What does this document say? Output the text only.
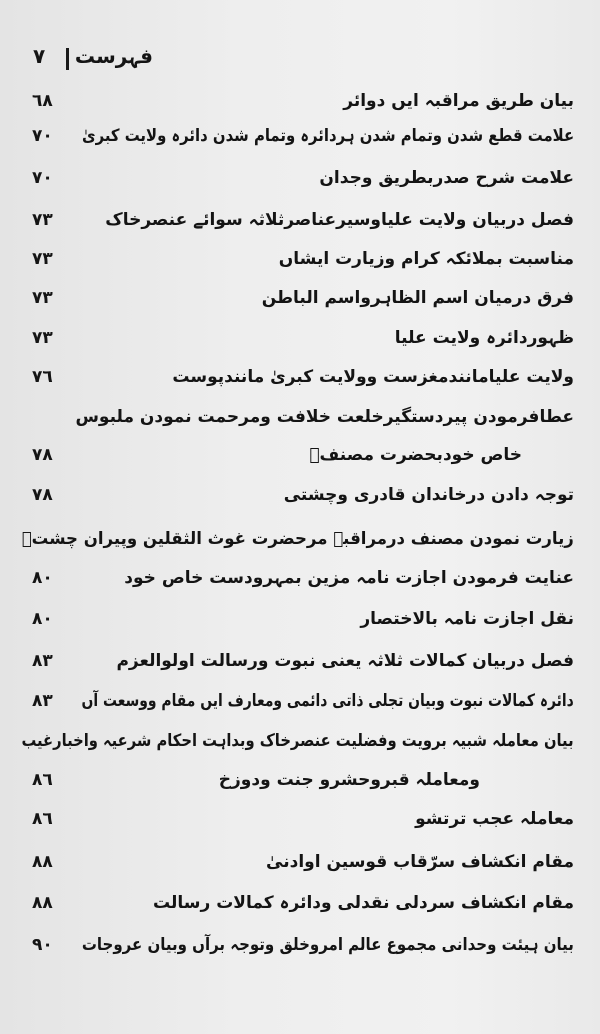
فہرست
٧
بیان طریق مراقبہ ایں دوائر
٦٨
علامت قطع شدن وتمام شدن ہردائرہ وتمام شدن دائرہ ولایت کبریٰ
٧٠
علامت شرح صدربطریق وجدان
٧٠
فصل دربیان ولایت علیاوسیرعناصرثلاثہ سوائے عنصرخاک
٧٣
مناسبت بملائکہ کرام وزیارت ایشاں
٧٣
فرق درمیان اسم الظاہرواسم الباطن
٧٣
ظہوردائرہ ولایت علیا
٧٣
ولایت علیامانندمغزست وولایت کبریٰ مانندپوست
٧٦
عطافرمودن پیردستگیرخلعت خلافت ومرحمت نمودن ملبوس
خاص خودبحضرت مصنفؒ
٧٨
توجہ دادن درخاندان قادری وچشتی
٧٨
زیارت نمودن مصنف درمراقبہ مرحضرت غوث الثقلین وپیران چشتؒ
عنایت فرمودن اجازت نامہ مزین بمہرودست خاص خود
٨٠
نقل اجازت نامہ بالاختصار
٨٠
فصل دربیان کمالات ثلاثہ یعنی نبوت ورسالت اولوالعزم
٨٣
دائرہ کمالات نبوت وبیان تجلی ذاتی دائمی ومعارف ایں مقام ووسعت آں
٨٣
بیان معاملہ شبیہ برویت وفضلیت عنصرخاک وبداہت احکام شرعیہ واخبارغیب
ومعاملہ قبروحشرو جنت ودوزخ
٨٦
معاملہ عجب ترتشو
٨٦
مقام انکشاف سرّقاب قوسین اوادنیٰ
٨٨
مقام انکشاف سردلی نقدلی ودائرہ کمالات رسالت
٨٨
بیان ہیئت وحدانی مجموع عالم امروخلق وتوجہ برآں وبیان عروجات
٩٠
